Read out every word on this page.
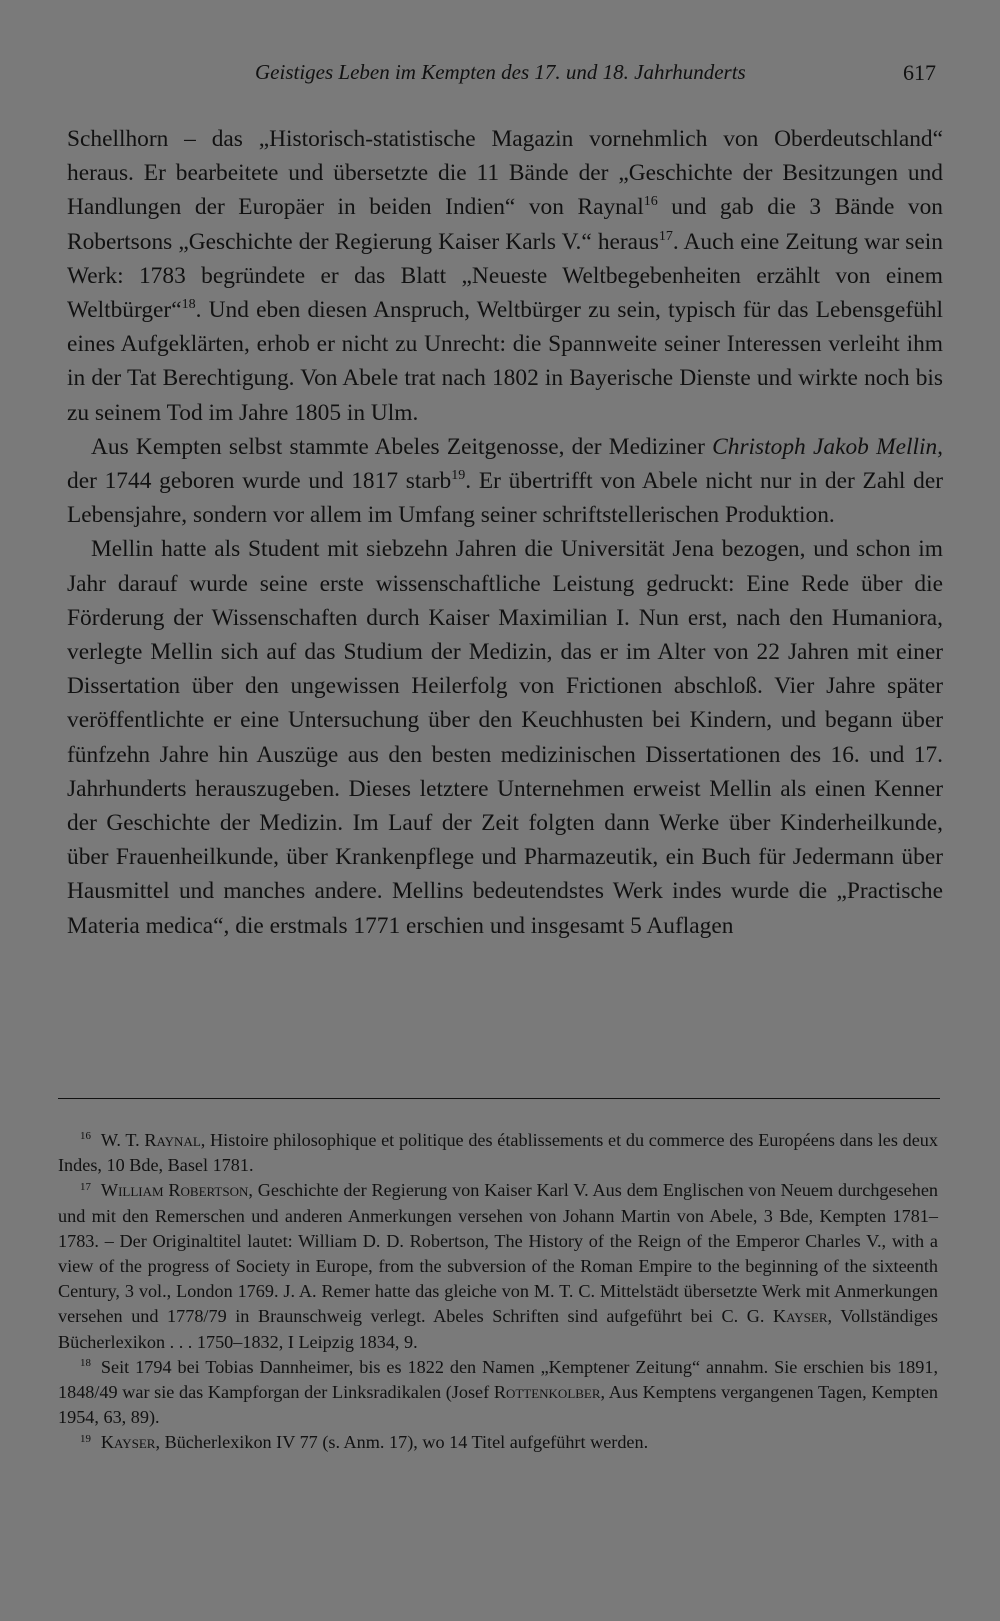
Geistiges Leben im Kempten des 17. und 18. Jahrhunderts	617

Schellhorn – das „Historisch-statistische Magazin vornehmlich von Oberdeutschland“ heraus. Er bearbeitete und übersetzte die 11 Bände der „Geschichte der Besitzungen und Handlungen der Europäer in beiden Indien“ von Raynal$^{16}$ und gab die 3 Bände von Robertsons „Geschichte der Regierung Kaiser Karls V.“ heraus$^{17}$. Auch eine Zeitung war sein Werk: 1783 begründete er das Blatt „Neueste Weltbegebenheiten erzählt von einem Weltbürger“$^{18}$. Und eben diesen Anspruch, Weltbürger zu sein, typisch für das Lebensgefühl eines Aufgeklärten, erhob er nicht zu Unrecht: die Spannweite seiner Interessen verleiht ihm in der Tat Berechtigung. Von Abele trat nach 1802 in Bayerische Dienste und wirkte noch bis zu seinem Tod im Jahre 1805 in Ulm.

Aus Kempten selbst stammte Abeles Zeitgenosse, der Mediziner Christoph Jakob Mellin, der 1744 geboren wurde und 1817 starb$^{19}$. Er übertrifft von Abele nicht nur in der Zahl der Lebensjahre, sondern vor allem im Umfang seiner schriftstellerischen Produktion.

Mellin hatte als Student mit siebzehn Jahren die Universität Jena bezogen, und schon im Jahr darauf wurde seine erste wissenschaftliche Leistung gedruckt: Eine Rede über die Förderung der Wissenschaften durch Kaiser Maximilian I. Nun erst, nach den Humaniora, verlegte Mellin sich auf das Studium der Medizin, das er im Alter von 22 Jahren mit einer Dissertation über den ungewissen Heilerfolg von Frictionen abschloß. Vier Jahre später veröffentlichte er eine Untersuchung über den Keuchhusten bei Kindern, und begann über fünfzehn Jahre hin Auszüge aus den besten medizinischen Dissertationen des 16. und 17. Jahrhunderts herauszugeben. Dieses letztere Unternehmen erweist Mellin als einen Kenner der Geschichte der Medizin. Im Lauf der Zeit folgten dann Werke über Kinderheilkunde, über Frauenheilkunde, über Krankenpflege und Pharmazeutik, ein Buch für Jedermann über Hausmittel und manches andere. Mellins bedeutendstes Werk indes wurde die „Practische Materia medica“, die erstmals 1771 erschien und insgesamt 5 Auflagen

$^{16}$ W. T. Raynal, Histoire philosophique et politique des établissements et du commerce des Européens dans les deux Indes, 10 Bde, Basel 1781.

$^{17}$ William Robertson, Geschichte der Regierung von Kaiser Karl V. Aus dem Englischen von Neuem durchgesehen und mit den Remerschen und anderen Anmerkungen versehen von Johann Martin von Abele, 3 Bde, Kempten 1781–1783. – Der Originaltitel lautet: William D. D. Robertson, The History of the Reign of the Emperor Charles V., with a view of the progress of Society in Europe, from the subversion of the Roman Empire to the beginning of the sixteenth Century, 3 vol., London 1769. J. A. Remer hatte das gleiche von M. T. C. Mittelstädt übersetzte Werk mit Anmerkungen versehen und 1778/79 in Braunschweig verlegt. Abeles Schriften sind aufgeführt bei C. G. Kayser, Vollständiges Bücherlexikon . . . 1750–1832, I Leipzig 1834, 9.

$^{18}$ Seit 1794 bei Tobias Dannheimer, bis es 1822 den Namen „Kemptener Zeitung“ annahm. Sie erschien bis 1891, 1848/49 war sie das Kampforgan der Linksradikalen (Josef Rottenkolber, Aus Kemptens vergangenen Tagen, Kempten 1954, 63, 89).

$^{19}$ Kayser, Bücherlexikon IV 77 (s. Anm. 17), wo 14 Titel aufgeführt werden.
